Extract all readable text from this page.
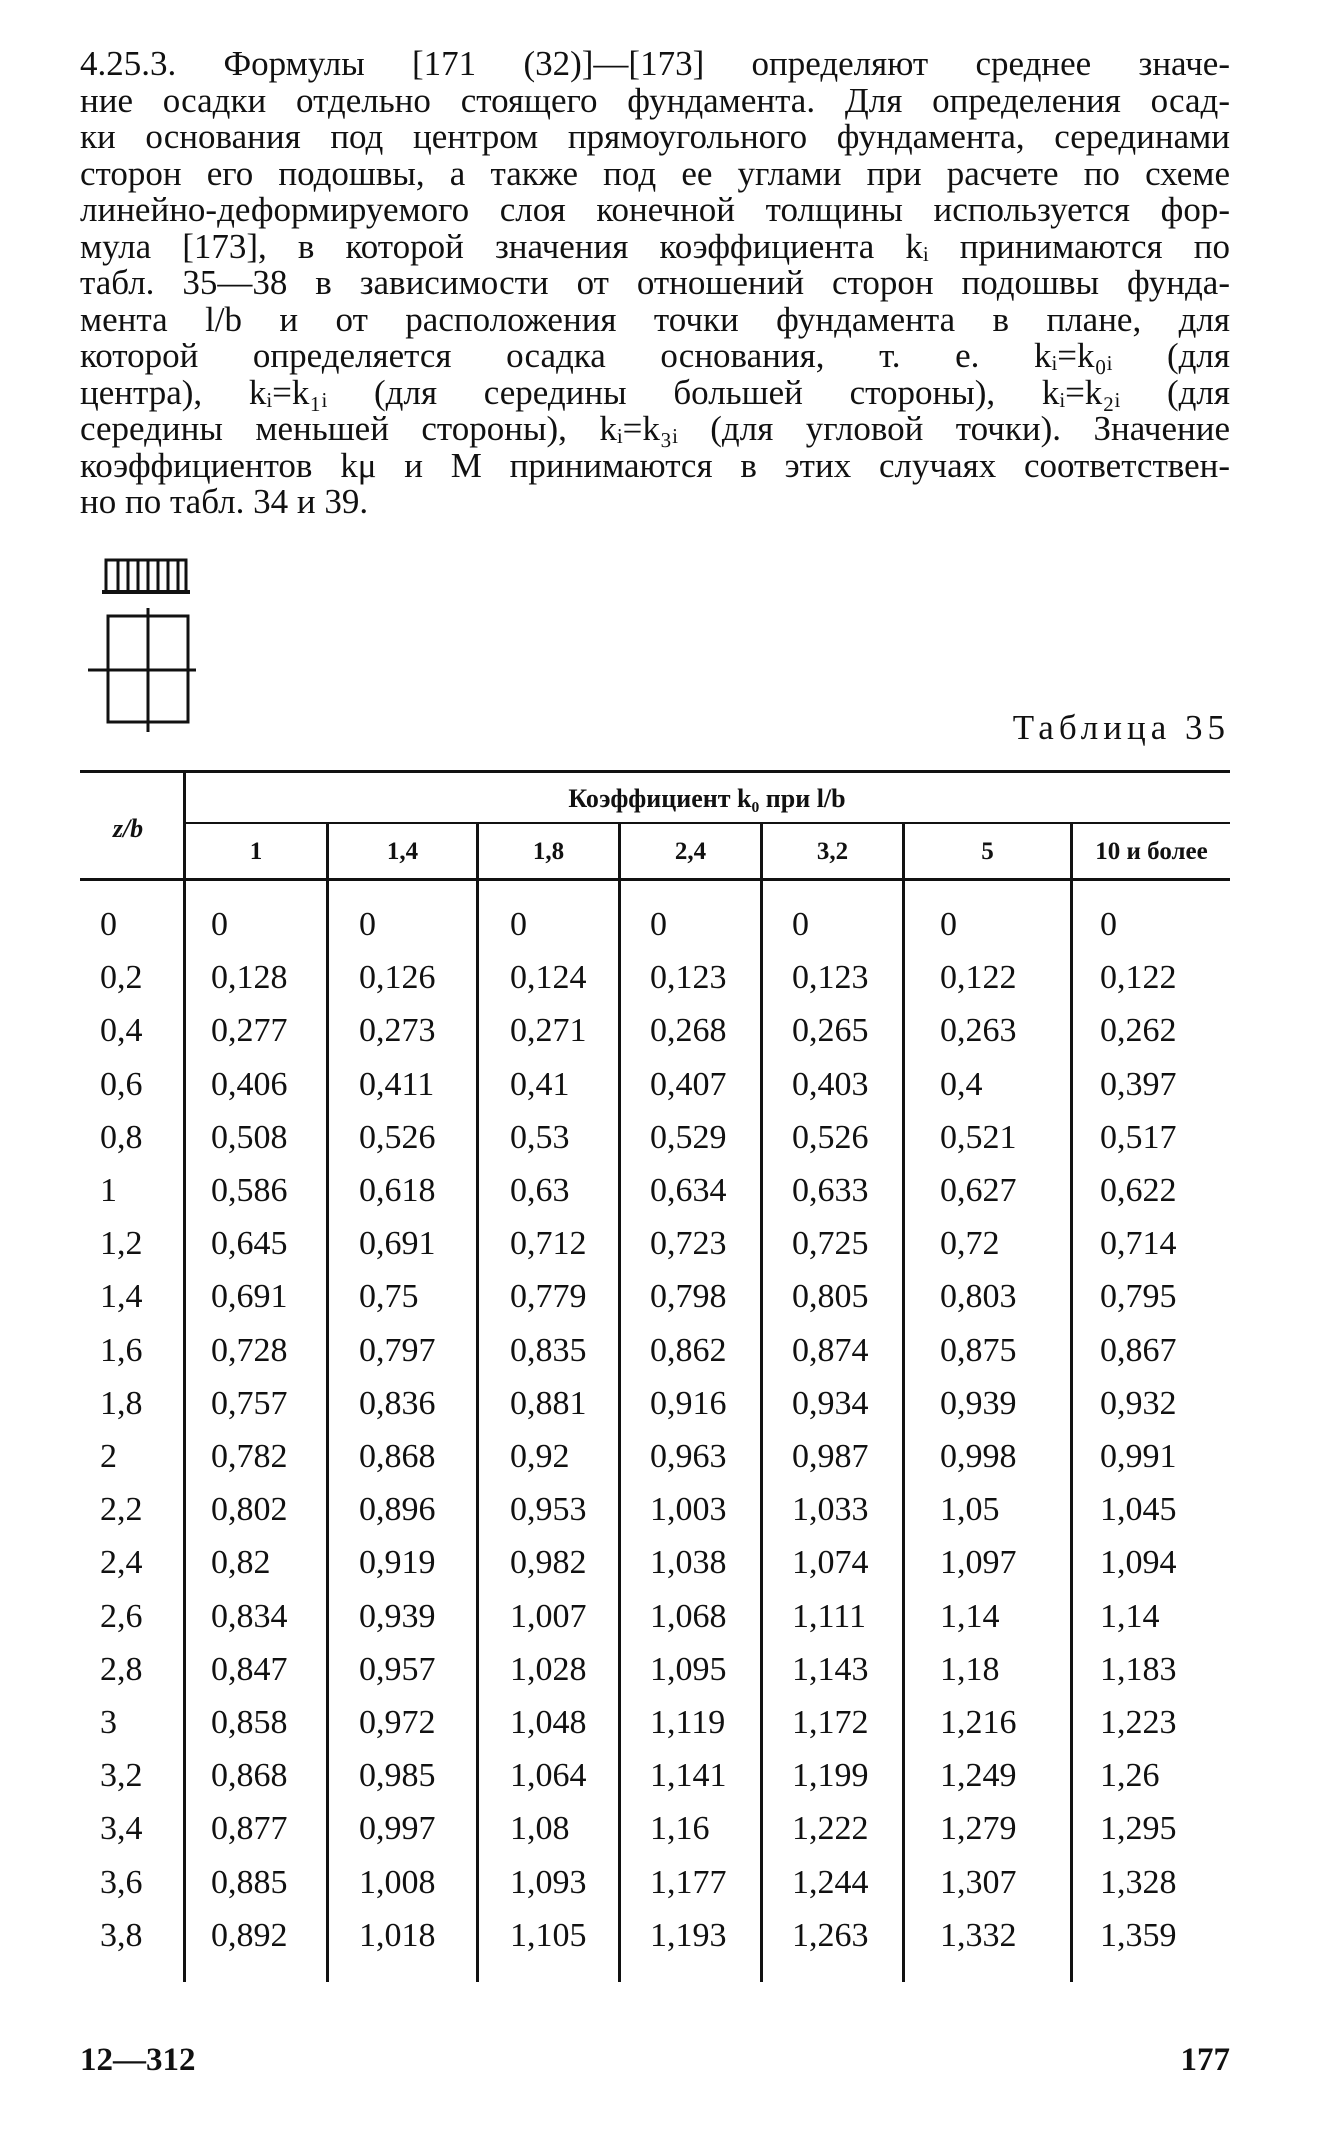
4.25.3. Формулы [171 (32)]—[173] определяют среднее значе-
ние осадки отдельно стоящего фундамента. Для определения осад-
ки основания под центром прямоугольного фундамента, серединами
сторон его подошвы, а также под ее углами при расчете по схеме
линейно-деформируемого слоя конечной толщины используется фор-
мула [173], в которой значения коэффициента kᵢ принимаются по
табл. 35—38 в зависимости от отношений сторон подошвы фунда-
мента l/b и от расположения точки фундамента в плане, для
которой определяется осадка основания, т. е. kᵢ=k₀ᵢ (для
центра), kᵢ=k₁ᵢ (для середины большей стороны), kᵢ=k₂ᵢ (для
середины меньшей стороны), kᵢ=k₃ᵢ (для угловой точки). Значение
коэффициентов kμ и M принимаются в этих случаях соответствен-
но по табл. 34 и 39.
Таблица 35
z/b
Коэффициент k₀ при l/b
1	1,4	1,8	2,4	3,2	5	10 и более
0	0	0	0	0	0	0	0
0,2 0,128 0,126 0,124 0,123 0,123 0,122 0,122
0,4 0,277 0,273 0,271 0,268 0,265 0,263 0,262
0,6 0,406 0,411 0,41 0,407 0,403 0,4	0,397
0,8 0,508 0,526 0,53 0,529 0,526 0,521 0,517
1	0,586 0,618 0,63 0,634 0,633 0,627 0,622
1,2 0,645 0,691 0,712 0,723 0,725 0,72	0,714
1,4 0,691 0,75	0,779 0,798 0,805 0,803 0,795
1,6 0,728 0,797 0,835 0,862 0,874 0,875 0,867
1,8 0,757 0,836 0,881 0,916 0,934 0,939 0,932
2	0,782 0,868 0,92 0,963 0,987 0,998 0,991
2,2 0,802 0,896 0,953 1,003 1,033 1,05	1,045
2,4 0,82	0,919 0,982 1,038 1,074 1,097 1,094
2,6 0,834 0,939 1,007 1,068 1,111 1,14	1,14
2,8 0,847 0,957 1,028 1,095 1,143 1,18	1,183
3	0,858 0,972 1,048 1,119 1,172 1,216 1,223
3,2 0,868 0,985 1,064 1,141 1,199 1,249 1,26
3,4 0,877 0,997 1,08 1,16 1,222 1,279 1,295
3,6 0,885 1,008 1,093 1,177 1,244 1,307 1,328
3,8 0,892 1,018 1,105 1,193 1,263 1,332 1,359
12—312	177
